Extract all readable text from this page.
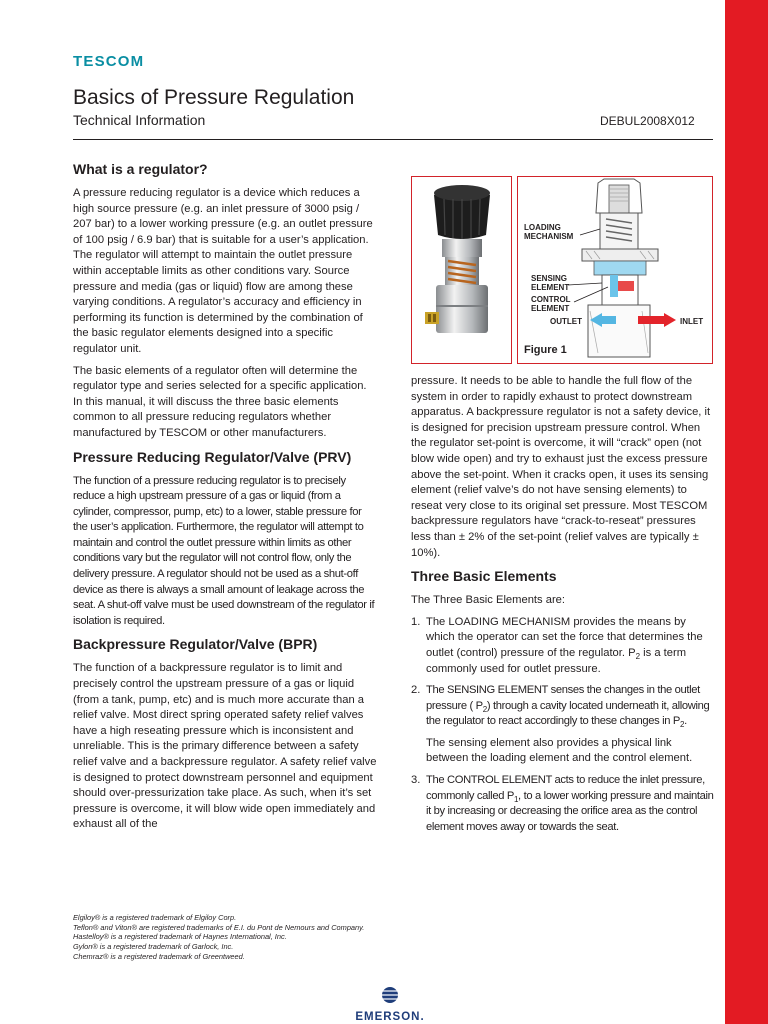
TESCOM
Basics of Pressure Regulation
Technical Information	DEBUL2008X012
What is a regulator?

A pressure reducing regulator is a device which reduces a high source pressure (e.g. an inlet pressure of 3000 psig / 207 bar) to a lower working pressure (e.g. an outlet pressure of 100 psig / 6.9 bar) that is suitable for a user’s application. The regulator will attempt to maintain the outlet pressure within acceptable limits as other conditions vary. Source pressure and media (gas or liquid) flow are among these varying conditions. A regulator’s accuracy and efficiency in performing its function is determined by the combination of the basic regulator elements designed into a specific regulator unit.

The basic elements of a regulator often will determine the regulator type and series selected for a specific application. In this manual, it will discuss the three basic elements common to all pressure reducing regulators whether manufactured by TESCOM or other manufacturers.

Pressure Reducing Regulator/Valve (PRV)

The function of a pressure reducing regulator is to precisely reduce a high upstream pressure of a gas or liquid (from a cylinder, compressor, pump, etc) to a lower, stable pressure for the user’s application. Furthermore, the regulator will attempt to maintain and control the outlet pressure within limits as other conditions vary but the regulator will not control flow, only the delivery pressure. A regulator should not be used as a shut-off device as there is always a small amount of leakage across the seat. A shut-off valve must be used downstream of the regulator if isolation is required.

Backpressure Regulator/Valve (BPR)

The function of a backpressure regulator is to limit and precisely control the upstream pressure of a gas or liquid (from a tank, pump, etc) and is much more accurate than a relief valve. Most direct spring operated safety relief valves have a high reseating pressure which is inconsistent and unreliable. This is the primary difference between a safety relief valve and a backpressure regulator. A safety relief valve is designed to protect downstream personnel and equipment should over-pressurization take place. As such, when it’s set pressure is overcome, it will blow wide open immediately and exhaust all of the

LOADING
MECHANISM
SENSING
ELEMENT
CONTROL
ELEMENT
OUTLET	INLET
Figure 1

pressure. It needs to be able to handle the full flow of the system in order to rapidly exhaust to protect downstream apparatus. A backpressure regulator is not a safety device, it is designed for precision upstream pressure control. When the regulator set-point is overcome, it will “crack” open (not blow wide open) and try to exhaust just the excess pressure above the set-point. When it cracks open, it uses its sensing element (relief valve’s do not have sensing elements) to reseat very close to its original set pressure. Most TESCOM backpressure regulators have “crack-to-reseat” pressures less than ± 2% of the set-point (relief valves are typically ± 10%).

Three Basic Elements

The Three Basic Elements are:

1. The LOADING MECHANISM provides the means by which the operator can set the force that determines the outlet (control) pressure of the regulator. $P_2$ is a term commonly used for outlet pressure.
2. The SENSING ELEMENT senses the changes in the outlet pressure ( $P_2$) through a cavity located underneath it, allowing the regulator to react accordingly to these changes in $P_2$.

The sensing element also provides a physical link between the loading element and the control element.

3. The CONTROL ELEMENT acts to reduce the inlet pressure, commonly called $P_1$, to a lower working pressure and maintain it by increasing or decreasing the orifice area as the control element moves away or towards the seat.
Elgiloy® is a registered trademark of Elgiloy Corp.
Teflon® and Viton® are registered trademarks of E.I. du Pont de Nemours and Company.
Hastelloy® is a registered trademark of Haynes International, Inc.
Gylon® is a registered trademark of Garlock, Inc.
Chemraz® is a registered trademark of Greentweed.
EMERSON.
